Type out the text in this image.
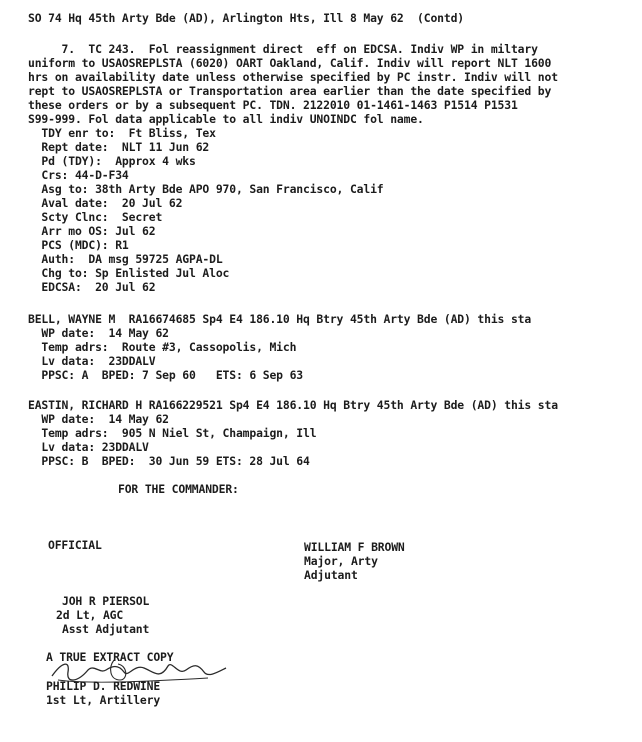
SO 74 Hq 45th Arty Bde (AD), Arlington Hts, Ill 8 May 62  (Contd)
7.  TC 243.  Fol reassignment direct  eff on EDCSA. Indiv WP in miltary
uniform to USAOSREPLSTA (6020) OART Oakland, Calif. Indiv will report NLT 1600
hrs on availability date unless otherwise specified by PC instr. Indiv will not
rept to USAOSREPLSTA or Transportation area earlier than the date specified by
these orders or by a subsequent PC. TDN. 2122010 01-1461-1463 P1514 P1531
S99-999. Fol data applicable to all indiv UNOINDC fol name.
TDY enr to:  Ft Bliss, Tex
Rept date:  NLT 11 Jun 62
Pd (TDY):  Approx 4 wks
Crs: 44-D-F34
Asg to: 38th Arty Bde APO 970, San Francisco, Calif
Aval date:  20 Jul 62
Scty Clnc:  Secret
Arr mo OS: Jul 62
PCS (MDC): R1
Auth:  DA msg 59725 AGPA-DL
Chg to: Sp Enlisted Jul Aloc
EDCSA:  20 Jul 62
BELL, WAYNE M  RA16674685 Sp4 E4 186.10 Hq Btry 45th Arty Bde (AD) this sta
WP date:  14 May 62
Temp adrs:  Route #3, Cassopolis, Mich
Lv data:  23DDALV
PPSC: A  BPED: 7 Sep 60   ETS: 6 Sep 63
EASTIN, RICHARD H RA166229521 Sp4 E4 186.10 Hq Btry 45th Arty Bde (AD) this sta
WP date:  14 May 62
Temp adrs:  905 N Niel St, Champaign, Ill
Lv data: 23DDALV
PPSC: B  BPED:  30 Jun 59 ETS: 28 Jul 64
FOR THE COMMANDER:
OFFICIAL	WILLIAM F BROWN
Major, Arty
Adjutant
JOH R PIERSOL
2d Lt, AGC
Asst Adjutant
A TRUE EXTRACT COPY
PHILIP D. REDWINE
1st Lt, Artillery
